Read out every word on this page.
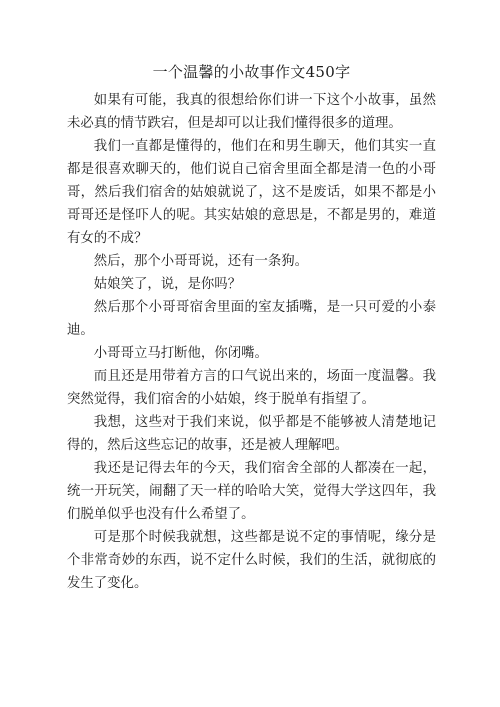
一个温馨的小故事作文450字

如果有可能，我真的很想给你们讲一下这个小故事，虽然未必真的情节跌宕，但是却可以让我们懂得很多的道理。

我们一直都是懂得的，他们在和男生聊天，他们其实一直都是很喜欢聊天的，他们说自己宿舍里面全都是清一色的小哥哥，然后我们宿舍的姑娘就说了，这不是废话，如果不都是小哥哥还是怪吓人的呢。其实姑娘的意思是，不都是男的，难道有女的不成？

然后，那个小哥哥说，还有一条狗。

姑娘笑了，说，是你吗？

然后那个小哥哥宿舍里面的室友插嘴，是一只可爱的小泰迪。

小哥哥立马打断他，你闭嘴。

而且还是用带着方言的口气说出来的，场面一度温馨。我突然觉得，我们宿舍的小姑娘，终于脱单有指望了。

我想，这些对于我们来说，似乎都是不能够被人清楚地记得的，然后这些忘记的故事，还是被人理解吧。

我还是记得去年的今天，我们宿舍全部的人都凑在一起，统一开玩笑，闹翻了天一样的哈哈大笑，觉得大学这四年，我们脱单似乎也没有什么希望了。

可是那个时候我就想，这些都是说不定的事情呢，缘分是个非常奇妙的东西，说不定什么时候，我们的生活，就彻底的发生了变化。
